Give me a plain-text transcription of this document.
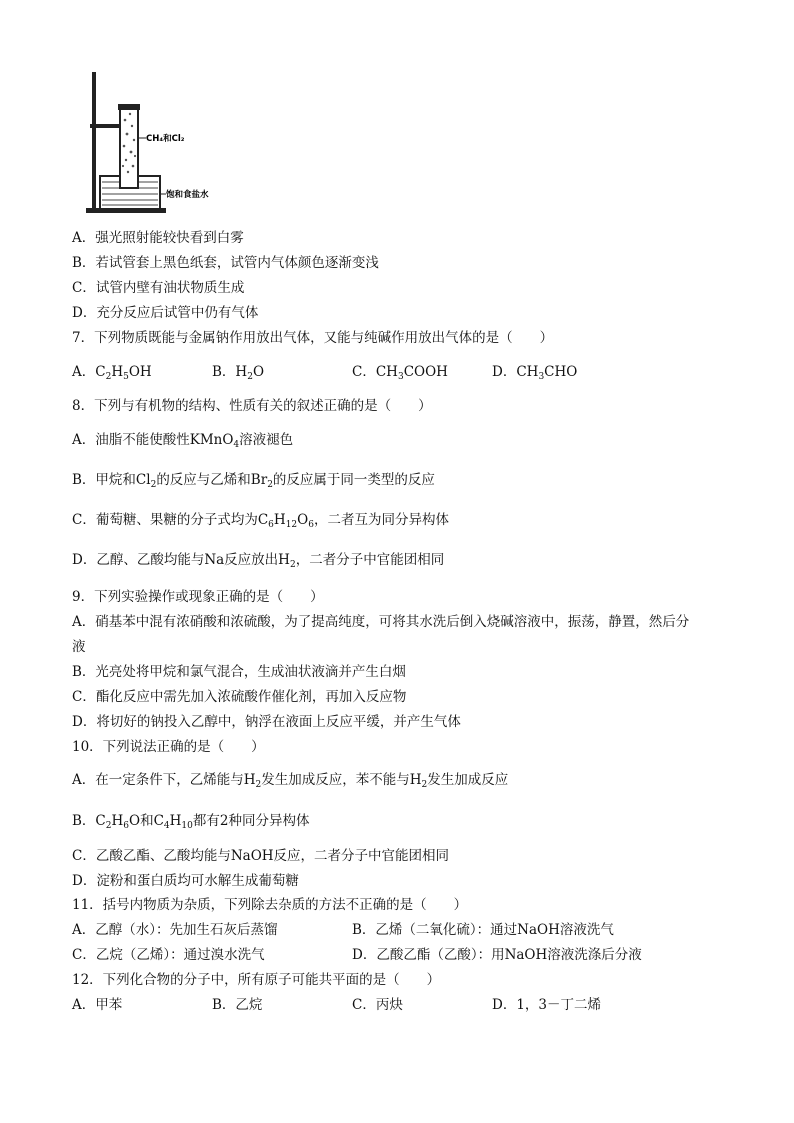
CH₄和Cl₂
饱和食盐水
A．强光照射能较快看到白雾
B．若试管套上黑色纸套，试管内气体颜色逐渐变浅
C．试管内壁有油状物质生成
D．充分反应后试管中仍有气体
7．下列物质既能与金属钠作用放出气体，又能与纯碱作用放出气体的是（　　）
A．$C_2H_5OH$	B．$H_2O$	C．$CH_3COOH$	D．$CH_3CHO$
8．下列与有机物的结构、性质有关的叙述正确的是（　　）
A．油脂不能使酸性KMnO$_4$溶液褪色
B．甲烷和$Cl_2$的反应与乙烯和$Br_2$的反应属于同一类型的反应
C．葡萄糖、果糖的分子式均为$C_6H_{12}O_6$，二者互为同分异构体
D．乙醇、乙酸均能与Na反应放出$H_2$，二者分子中官能团相同
9．下列实验操作或现象正确的是（　　）
A．硝基苯中混有浓硝酸和浓硫酸，为了提高纯度，可将其水洗后倒入烧碱溶液中，振荡，静置，然后分
液
B．光亮处将甲烷和氯气混合，生成油状液滴并产生白烟
C．酯化反应中需先加入浓硫酸作催化剂，再加入反应物
D．将切好的钠投入乙醇中，钠浮在液面上反应平缓，并产生气体
10．下列说法正确的是（　　）
A．在一定条件下，乙烯能与$H_2$发生加成反应，苯不能与$H_2$发生加成反应
B．$C_2H_6O$和$C_4H_{10}$都有2种同分异构体
C．乙酸乙酯、乙酸均能与NaOH反应，二者分子中官能团相同
D．淀粉和蛋白质均可水解生成葡萄糖
11．括号内物质为杂质，下列除去杂质的方法不正确的是（　　）
A．乙醇（水）：先加生石灰后蒸馏	B．乙烯（二氧化硫）：通过NaOH溶液洗气
C．乙烷（乙烯）：通过溴水洗气	D．乙酸乙酯（乙酸）：用NaOH溶液洗涤后分液
12．下列化合物的分子中，所有原子可能共平面的是（　　）
A．甲苯	B．乙烷	C．丙炔	D．1，3－丁二烯
